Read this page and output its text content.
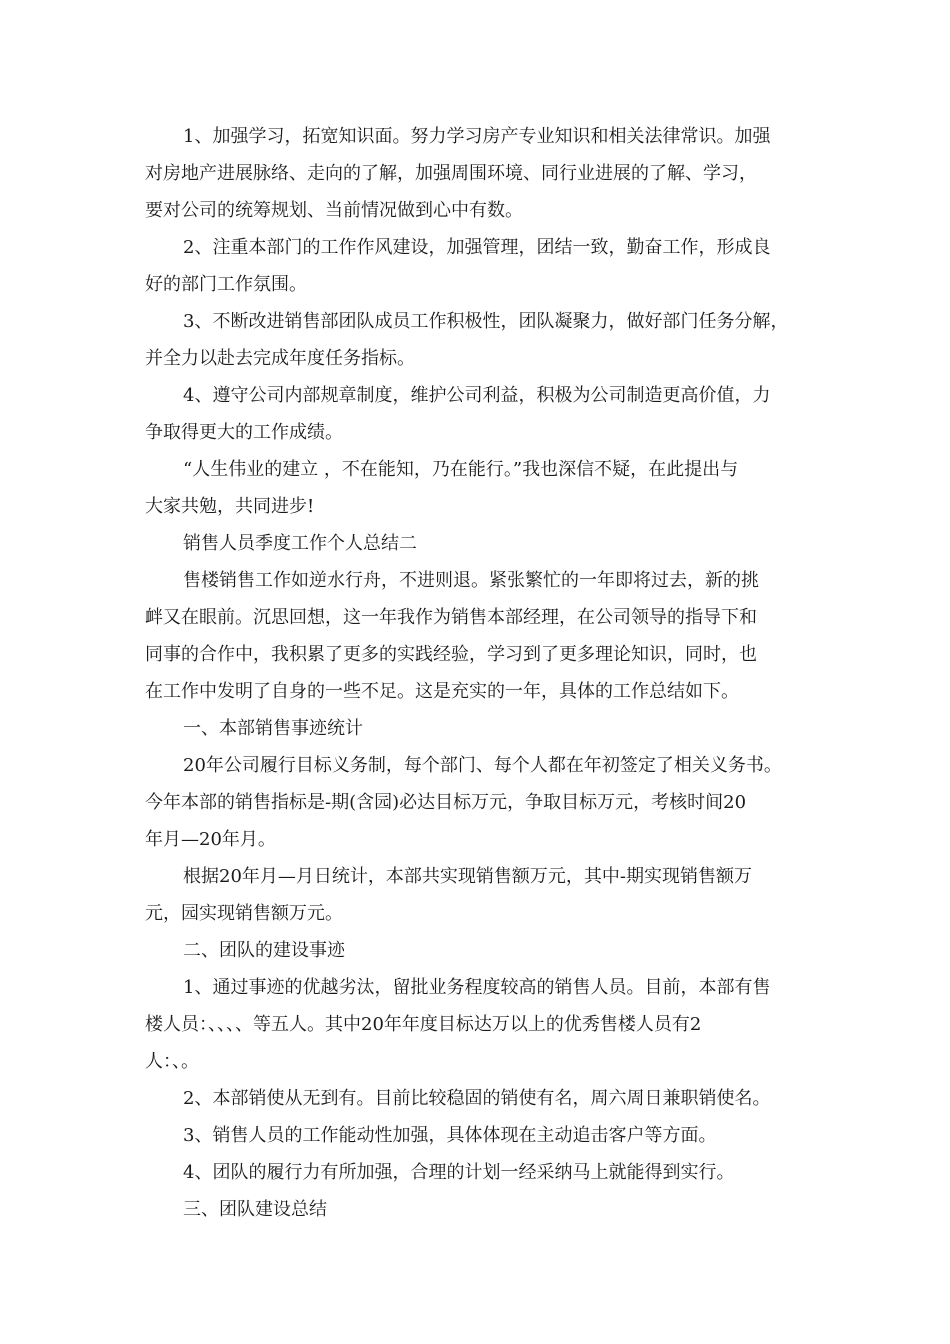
1、加强学习，拓宽知识面。努力学习房产专业知识和相关法律常识。加强
对房地产进展脉络、走向的了解，加强周围环境、同行业进展的了解、学习，
要对公司的统筹规划、当前情况做到心中有数。
2、注重本部门的工作作风建设，加强管理，团结一致，勤奋工作，形成良
好的部门工作氛围。
3、不断改进销售部团队成员工作积极性，团队凝聚力，做好部门任务分解，
并全力以赴去完成年度任务指标。
4、遵守公司内部规章制度，维护公司利益，积极为公司制造更高价值，力
争取得更大的工作成绩。
“人生伟业的建立 ，不在能知，乃在能行。”我也深信不疑，在此提出与
大家共勉，共同进步!
销售人员季度工作个人总结二
售楼销售工作如逆水行舟，不进则退。紧张繁忙的一年即将过去，新的挑
衅又在眼前。沉思回想，这一年我作为销售本部经理，在公司领导的指导下和
同事的合作中，我积累了更多的实践经验，学习到了更多理论知识，同时，也
在工作中发明了自身的一些不足。这是充实的一年，具体的工作总结如下。
一、本部销售事迹统计
20年公司履行目标义务制，每个部门、每个人都在年初签定了相关义务书。
今年本部的销售指标是-期(含园)必达目标万元，争取目标万元，考核时间20
年月—20年月。
根据20年月—月日统计，本部共实现销售额万元，其中-期实现销售额万
元，园实现销售额万元。
二、团队的建设事迹
1、通过事迹的优越劣汰，留批业务程度较高的销售人员。目前，本部有售
楼人员：、、、、等五人。其中20年年度目标达万以上的优秀售楼人员有2
人：、。
2、本部销使从无到有。目前比较稳固的销使有名，周六周日兼职销使名。
3、销售人员的工作能动性加强，具体体现在主动追击客户等方面。
4、团队的履行力有所加强，合理的计划一经采纳马上就能得到实行。
三、团队建设总结
